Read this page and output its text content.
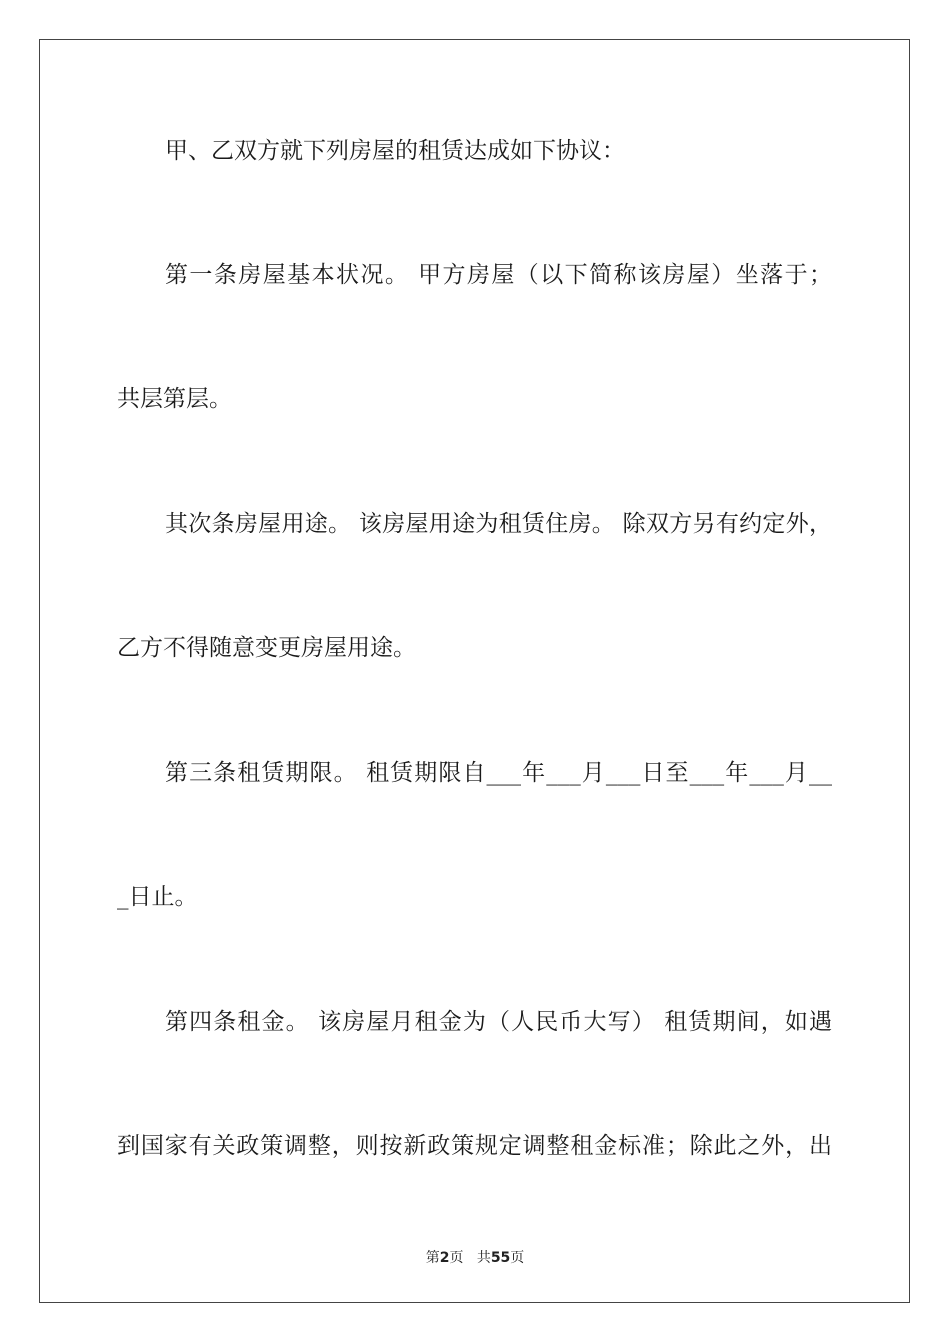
甲、乙双方就下列房屋的租赁达成如下协议：

第一条房屋基本状况。 甲方房屋（以下简称该房屋）坐落于；

共层第层。

其次条房屋用途。 该房屋用途为租赁住房。 除双方另有约定外，

乙方不得随意变更房屋用途。

第三条租赁期限。 租赁期限自___年___月___日至___年___月__

_日止。

第四条租金。 该房屋月租金为（人民币大写） 租赁期间，如遇

到国家有关政策调整，则按新政策规定调整租金标准；除此之外，出

第2页 共55页
